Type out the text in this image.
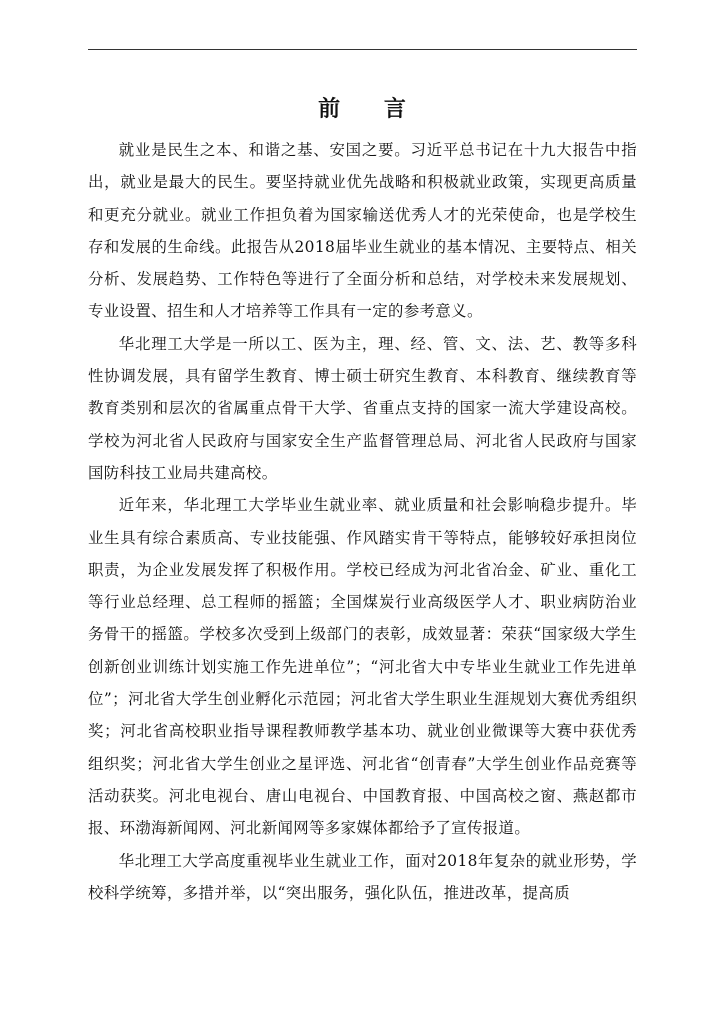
前 言

就业是民生之本、和谐之基、安国之要。习近平总书记在十九大报告中指出，就业是最大的民生。要坚持就业优先战略和积极就业政策，实现更高质量和更充分就业。就业工作担负着为国家输送优秀人才的光荣使命，也是学校生存和发展的生命线。此报告从2018届毕业生就业的基本情况、主要特点、相关分析、发展趋势、工作特色等进行了全面分析和总结，对学校未来发展规划、专业设置、招生和人才培养等工作具有一定的参考意义。

华北理工大学是一所以工、医为主，理、经、管、文、法、艺、教等多科性协调发展，具有留学生教育、博士硕士研究生教育、本科教育、继续教育等教育类别和层次的省属重点骨干大学、省重点支持的国家一流大学建设高校。学校为河北省人民政府与国家安全生产监督管理总局、河北省人民政府与国家国防科技工业局共建高校。

近年来，华北理工大学毕业生就业率、就业质量和社会影响稳步提升。毕业生具有综合素质高、专业技能强、作风踏实肯干等特点，能够较好承担岗位职责，为企业发展发挥了积极作用。学校已经成为河北省冶金、矿业、重化工等行业总经理、总工程师的摇篮；全国煤炭行业高级医学人才、职业病防治业务骨干的摇篮。学校多次受到上级部门的表彰，成效显著：荣获“国家级大学生创新创业训练计划实施工作先进单位”；“河北省大中专毕业生就业工作先进单位”；河北省大学生创业孵化示范园；河北省大学生职业生涯规划大赛优秀组织奖；河北省高校职业指导课程教师教学基本功、就业创业微课等大赛中获优秀组织奖；河北省大学生创业之星评选、河北省“创青春”大学生创业作品竞赛等活动获奖。河北电视台、唐山电视台、中国教育报、中国高校之窗、燕赵都市报、环渤海新闻网、河北新闻网等多家媒体都给予了宣传报道。

华北理工大学高度重视毕业生就业工作，面对2018年复杂的就业形势，学校科学统筹，多措并举，以“突出服务，强化队伍，推进改革，提高质
